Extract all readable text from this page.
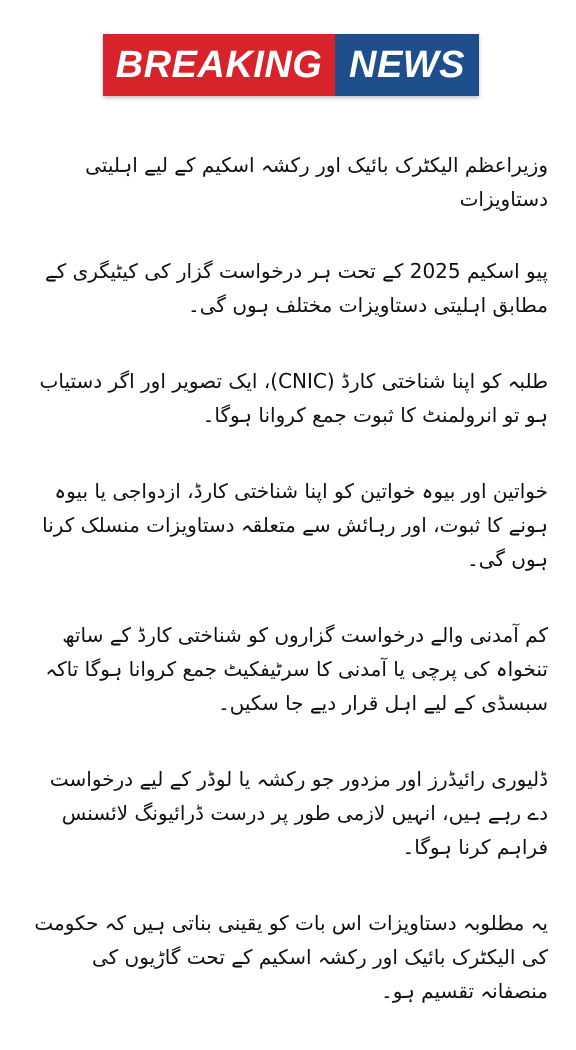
BREAKING NEWS

وزیراعظم الیکٹرک بائیک اور رکشہ اسکیم کے لیے اہلیتی دستاویزات

پیو اسکیم 2025 کے تحت ہر درخواست گزار کی کیٹیگری کے مطابق اہلیتی دستاویزات مختلف ہوں گی۔

طلبہ کو اپنا شناختی کارڈ (CNIC)، ایک تصویر اور اگر دستیاب ہو تو انرولمنٹ کا ثبوت جمع کروانا ہوگا۔

خواتین اور بیوہ خواتین کو اپنا شناختی کارڈ، ازدواجی یا بیوہ ہونے کا ثبوت، اور رہائش سے متعلقہ دستاویزات منسلک کرنا ہوں گی۔

کم آمدنی والے درخواست گزاروں کو شناختی کارڈ کے ساتھ تنخواہ کی پرچی یا آمدنی کا سرٹیفکیٹ جمع کروانا ہوگا تاکہ سبسڈی کے لیے اہل قرار دیے جا سکیں۔

ڈلیوری رائیڈرز اور مزدور جو رکشہ یا لوڈر کے لیے درخواست دے رہے ہیں، انہیں لازمی طور پر درست ڈرائیونگ لائسنس فراہم کرنا ہوگا۔

یہ مطلوبہ دستاویزات اس بات کو یقینی بناتی ہیں کہ حکومت کی الیکٹرک بائیک اور رکشہ اسکیم کے تحت گاڑیوں کی منصفانہ تقسیم ہو۔
